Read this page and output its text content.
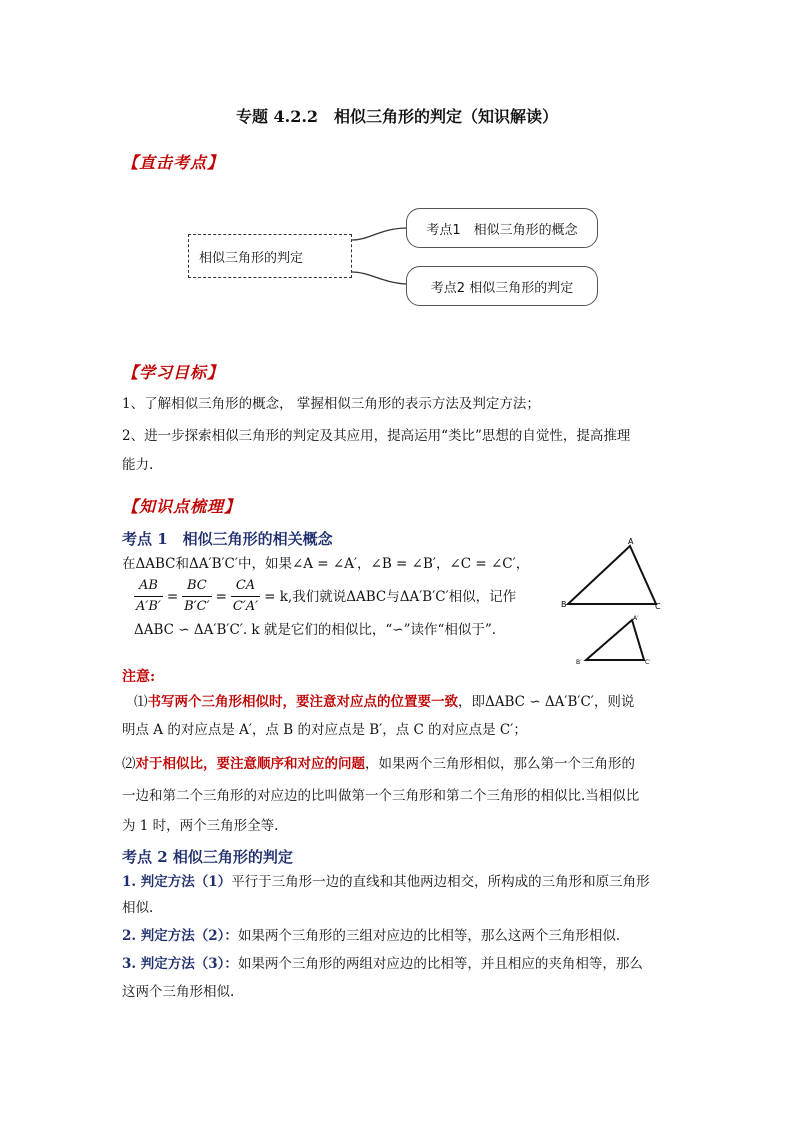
专题 4.2.2　相似三角形的判定（知识解读）
【直击考点】
相似三角形的判定
考点1　相似三角形的概念
考点2 相似三角形的判定
【学习目标】
1、了解相似三角形的概念， 掌握相似三角形的表示方法及判定方法；
2、进一步探索相似三角形的判定及其应用，提高运用“类比”思想的自觉性，提高推理
能力.
【知识点梳理】
考点 1　相似三角形的相关概念
在ΔABC和ΔA′B′C′中，如果∠A = ∠A′，∠B = ∠B′，∠C = ∠C′，
$\frac{AB}{A'B'} = \frac{BC}{B'C'} = \frac{CA}{C'A'} = k$,我们就说ΔABC与ΔA′B′C′相似，记作
ΔABC ∽ ΔA′B′C′. k 就是它们的相似比，“∽”读作“相似于”.
A
B	C
A′
B′	C′
注意:
⑴书写两个三角形相似时，要注意对应点的位置要一致，即ΔABC ∽ ΔA′B′C′，则说
明点 A 的对应点是 A′，点 B 的对应点是 B′，点 C 的对应点是 C′；
⑵对于相似比，要注意顺序和对应的问题，如果两个三角形相似，那么第一个三角形的
一边和第二个三角形的对应边的比叫做第一个三角形和第二个三角形的相似比.当相似比
为 1 时，两个三角形全等.
考点 2 相似三角形的判定
1. 判定方法（1）平行于三角形一边的直线和其他两边相交，所构成的三角形和原三角形
相似.
2. 判定方法（2）：如果两个三角形的三组对应边的比相等，那么这两个三角形相似.
3. 判定方法（3）：如果两个三角形的两组对应边的比相等，并且相应的夹角相等，那么
这两个三角形相似.
